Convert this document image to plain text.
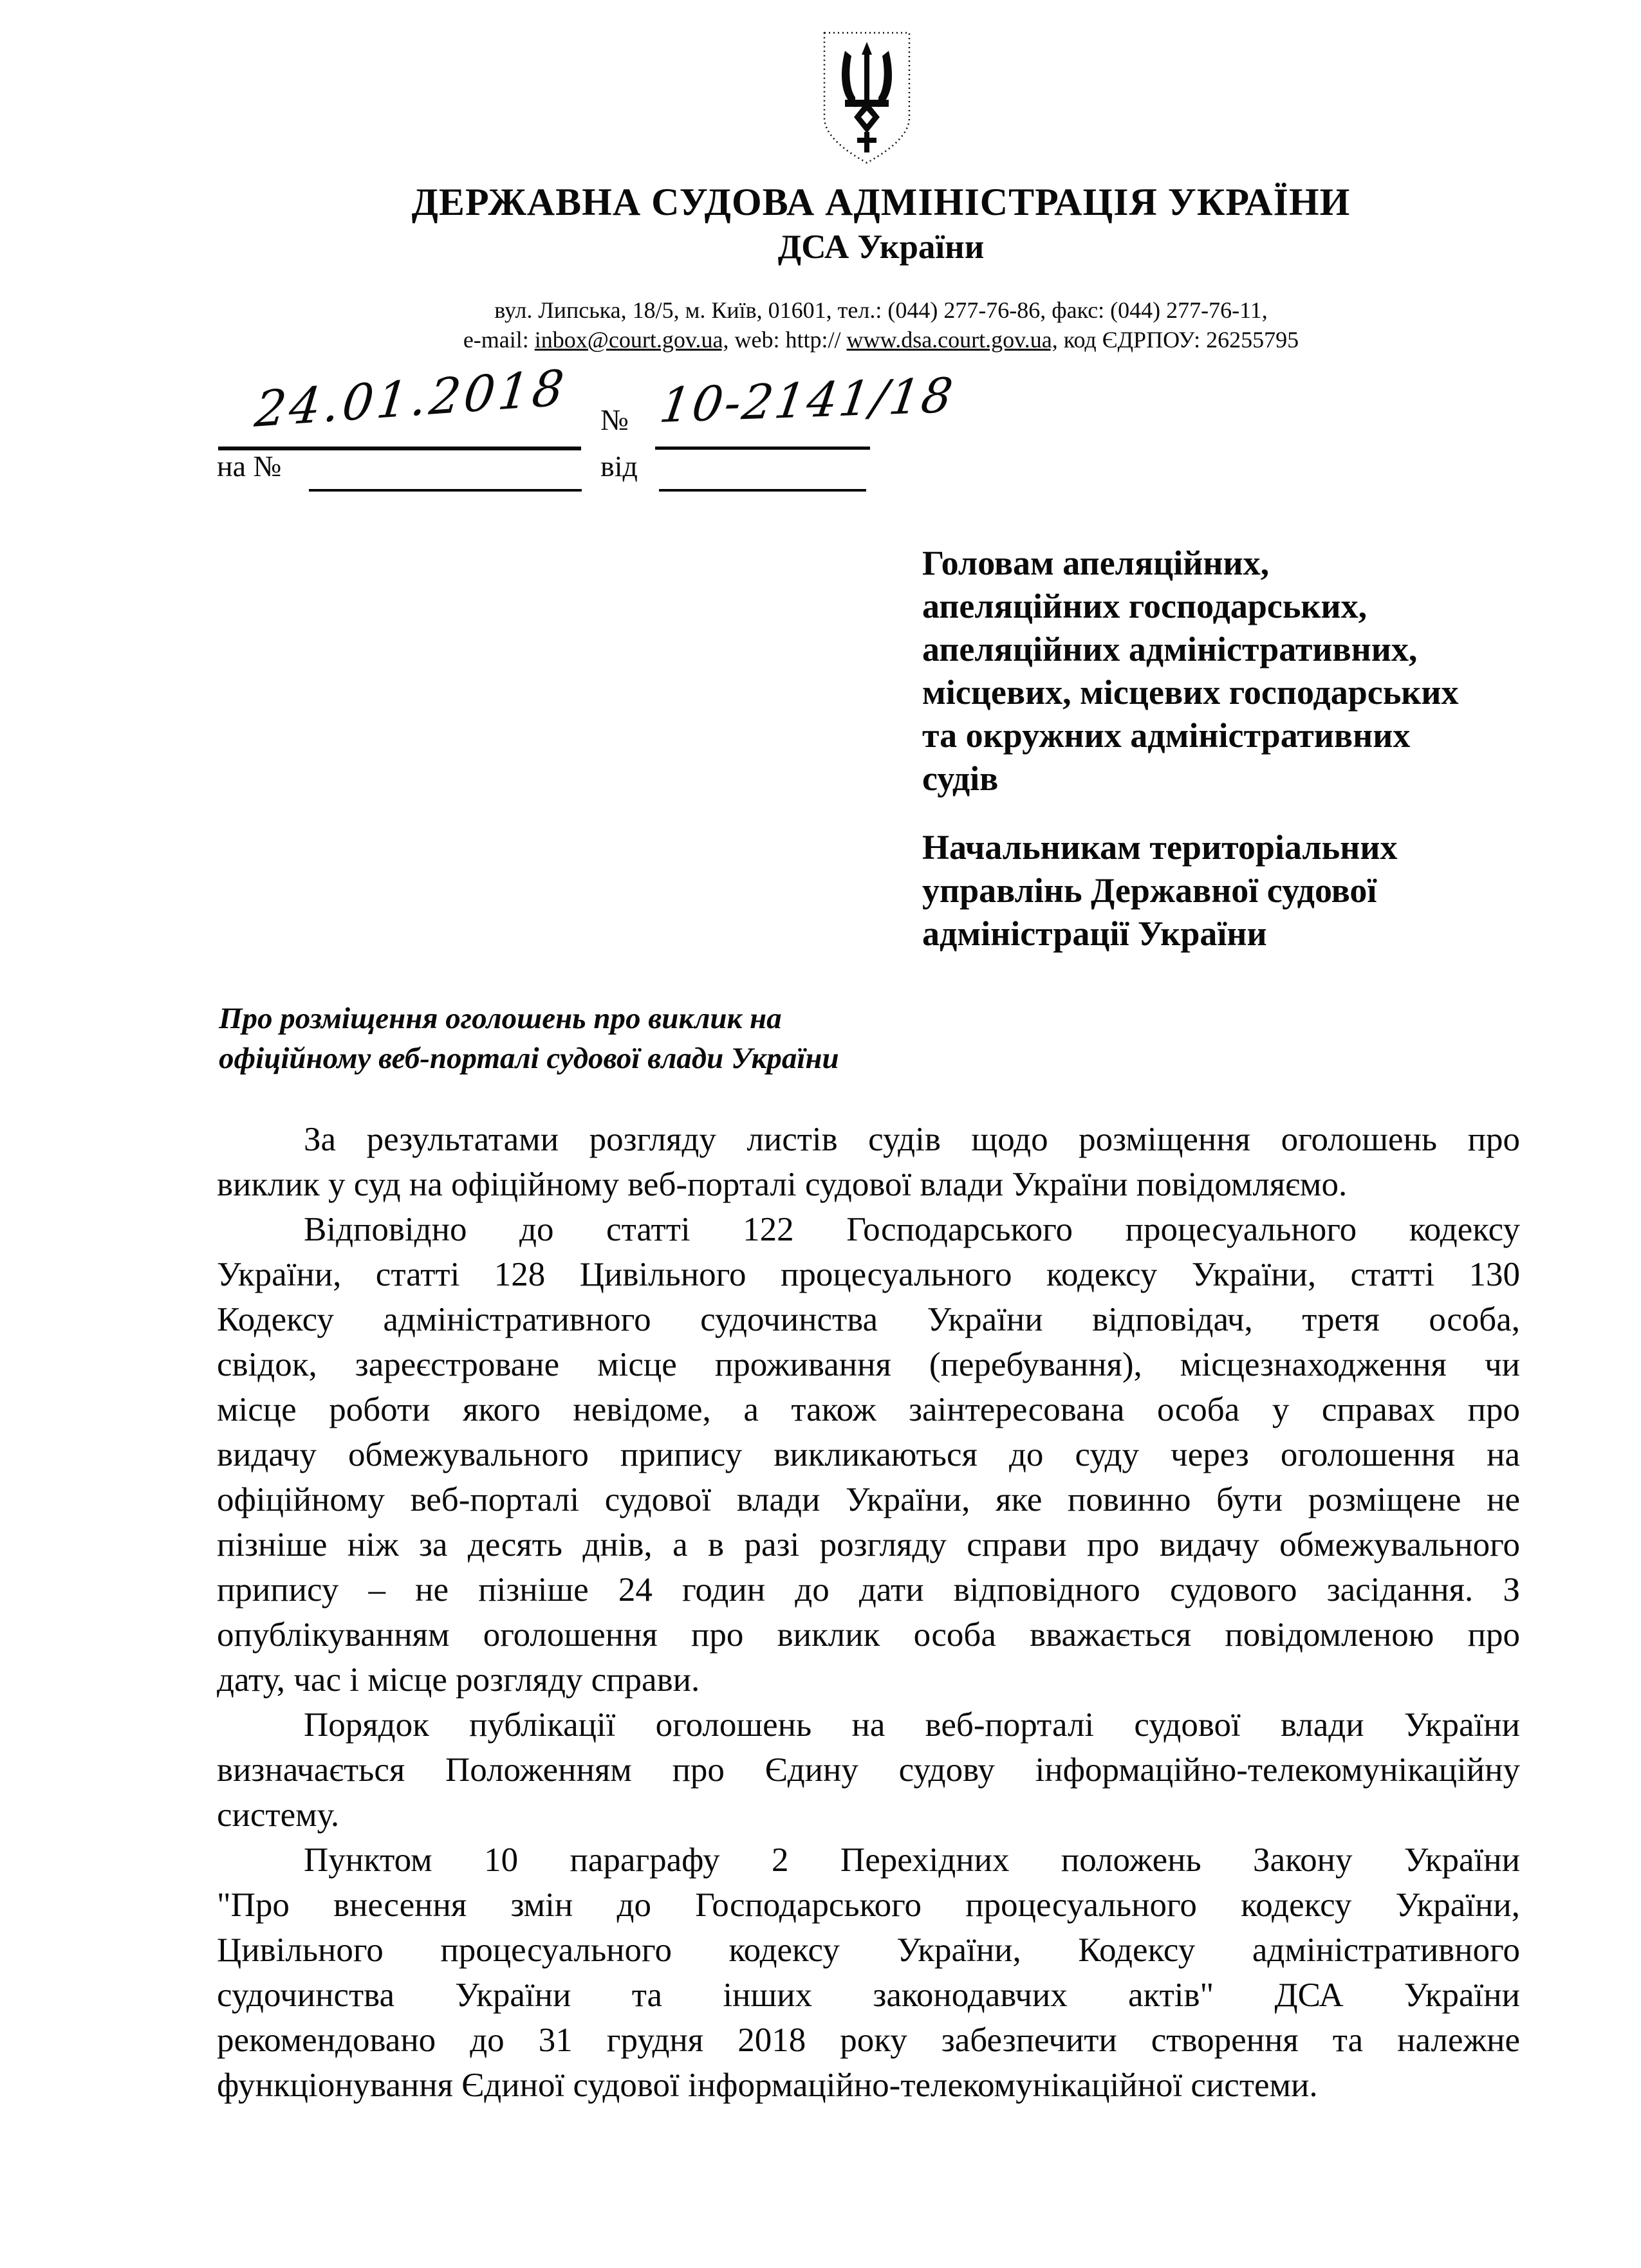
ДЕРЖАВНА СУДОВА АДМІНІСТРАЦІЯ УКРАЇНИ
ДСА України
вул. Липська, 18/5, м. Київ, 01601, тел.: (044) 277-76-86, факс: (044) 277-76-11,
e-mail: inbox@court.gov.ua, web: http:// www.dsa.court.gov.ua, код ЄДРПОУ: 26255795
24.01.2018 № 10-2141/18
на №	від
Головам апеляційних,
апеляційних господарських,
апеляційних адміністративних,
місцевих, місцевих господарських
та окружних адміністративних
судів
Начальникам територіальних
управлінь Державної судової
адміністрації України
Про розміщення оголошень про виклик на
офіційному веб-порталі судової влади України
За результатами розгляду листів судів щодо розміщення оголошень про
виклик у суд на офіційному веб-порталі судової влади України повідомляємо.
Відповідно до статті 122 Господарського процесуального кодексу
України, статті 128 Цивільного процесуального кодексу України, статті 130
Кодексу адміністративного судочинства України відповідач, третя особа,
свідок, зареєстроване місце проживання (перебування), місцезнаходження чи
місце роботи якого невідоме, а також заінтересована особа у справах про
видачу обмежувального припису викликаються до суду через оголошення на
офіційному веб-порталі судової влади України, яке повинно бути розміщене не
пізніше ніж за десять днів, а в разі розгляду справи про видачу обмежувального
припису – не пізніше 24 годин до дати відповідного судового засідання. З
опублікуванням оголошення про виклик особа вважається повідомленою про
дату, час і місце розгляду справи.
Порядок публікації оголошень на веб-порталі судової влади України
визначається Положенням про Єдину судову інформаційно-телекомунікаційну
систему.
Пунктом 10 параграфу 2 Перехідних положень Закону України
"Про внесення змін до Господарського процесуального кодексу України,
Цивільного процесуального кодексу України, Кодексу адміністративного
судочинства України та інших законодавчих актів" ДСА України
рекомендовано до 31 грудня 2018 року забезпечити створення та належне
функціонування Єдиної судової інформаційно-телекомунікаційної системи.
